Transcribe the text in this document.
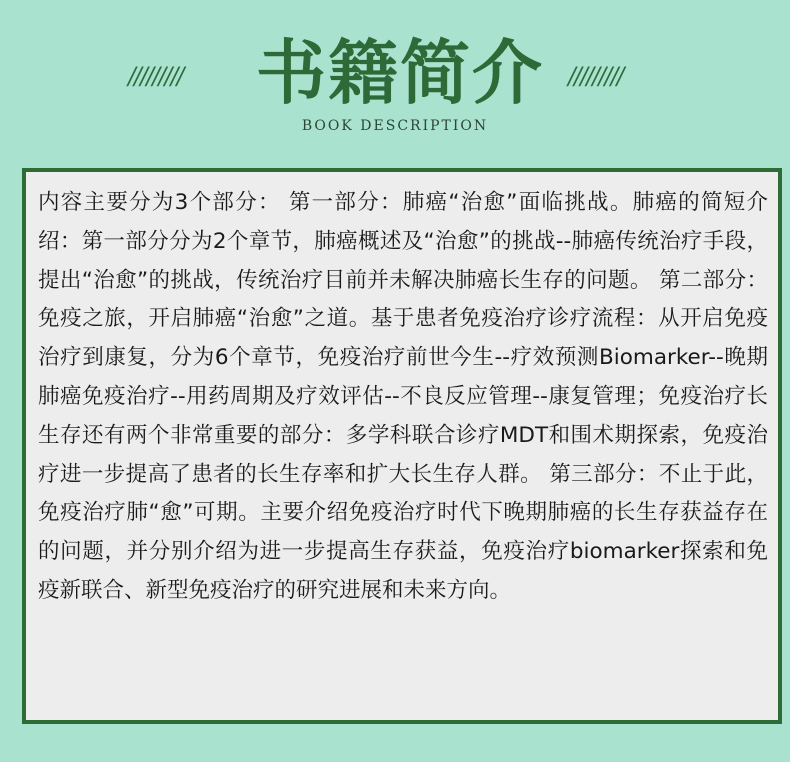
///////// 书籍简介 /////////
BOOK DESCRIPTION

内容主要分为3个部分： 第一部分：肺癌“治愈”面临挑战。肺癌的简短介绍：第一部分分为2个章节，肺癌概述及“治愈”的挑战--肺癌传统治疗手段，提出“治愈”的挑战，传统治疗目前并未解决肺癌长生存的问题。 第二部分：免疫之旅，开启肺癌“治愈”之道。基于患者免疫治疗诊疗流程：从开启免疫治疗到康复，分为6个章节，免疫治疗前世今生--疗效预测Biomarker--晚期肺癌免疫治疗--用药周期及疗效评估--不良反应管理--康复管理；免疫治疗长生存还有两个非常重要的部分：多学科联合诊疗MDT和围术期探索，免疫治疗进一步提高了患者的长生存率和扩大长生存人群。 第三部分：不止于此，免疫治疗肺“愈”可期。主要介绍免疫治疗时代下晚期肺癌的长生存获益存在的问题，并分别介绍为进一步提高生存获益，免疫治疗biomarker探索和免疫新联合、新型免疫治疗的研究进展和未来方向。
